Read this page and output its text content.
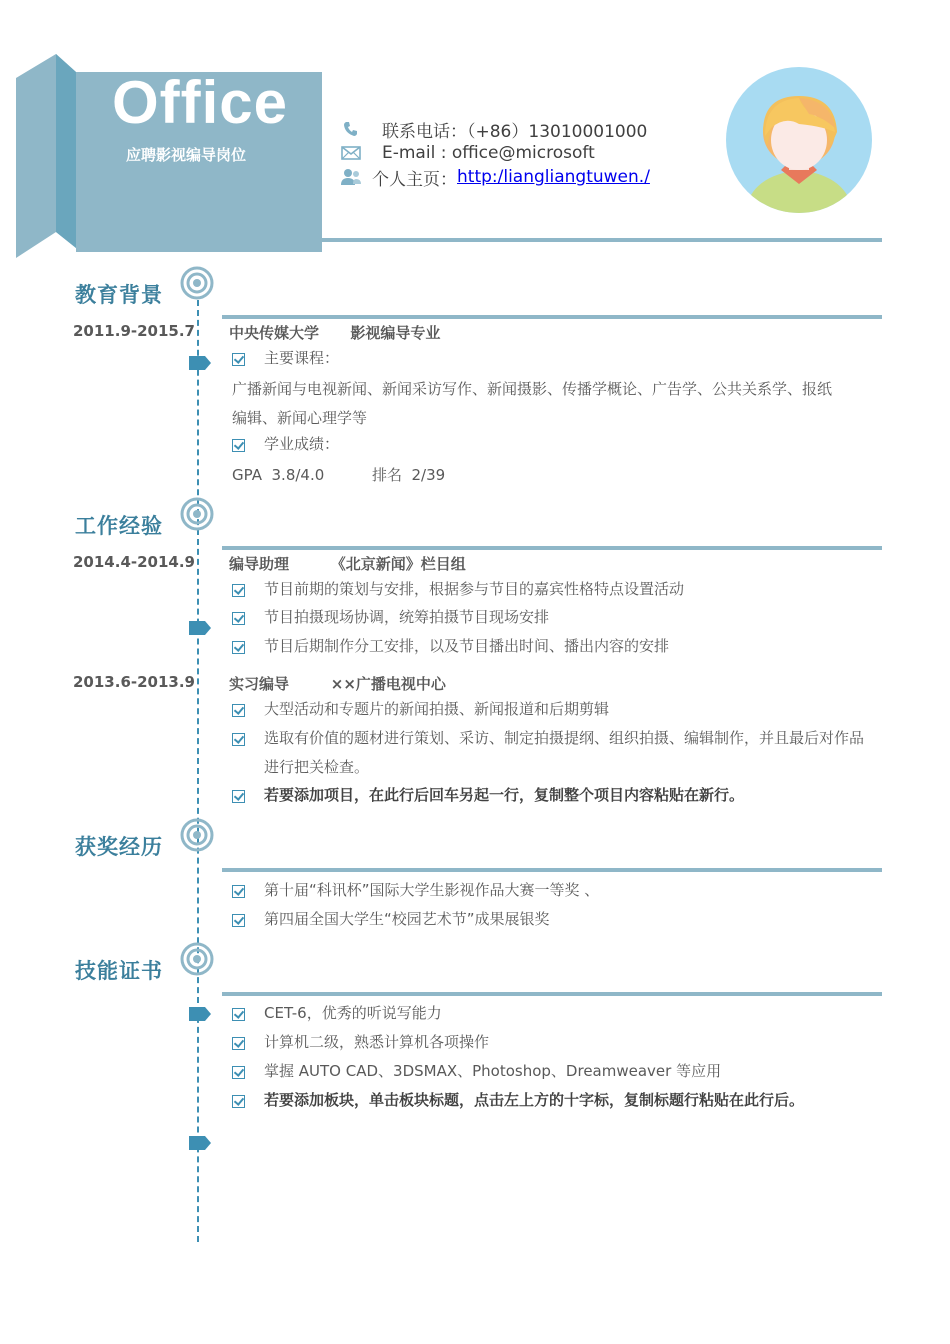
Office
应聘影视编导岗位
联系电话：（+86）13010001000
E-mail : office@microsoft
个人主页： http:/liangliangtuwen./
教育背景
2011.9-2015.7 中央传媒大学      影视编导专业
主要课程：
广播新闻与电视新闻、新闻采访写作、新闻摄影、传播学概论、广告学、公共关系学、报纸
编辑、新闻心理学等
学业成绩：
GPA  3.8/4.0          排名  2/39
工作经验
2014.4-2014.9 编导助理        《北京新闻》栏目组
节目前期的策划与安排，根据参与节目的嘉宾性格特点设置活动
节目拍摄现场协调，统筹拍摄节目现场安排
节目后期制作分工安排，以及节目播出时间、播出内容的安排
2013.6-2013.9 实习编导        ××广播电视中心
大型活动和专题片的新闻拍摄、新闻报道和后期剪辑
选取有价值的题材进行策划、采访、制定拍摄提纲、组织拍摄、编辑制作，并且最后对作品进行把关检查。
若要添加项目，在此行后回车另起一行，复制整个项目内容粘贴在新行。
获奖经历
第十届“科讯杯”国际大学生影视作品大赛一等奖 、
第四届全国大学生“校园艺术节”成果展银奖
技能证书
CET-6，优秀的听说写能力
计算机二级，熟悉计算机各项操作
掌握 AUTO CAD、3DSMAX、Photoshop、Dreamweaver 等应用
若要添加板块，单击板块标题，点击左上方的十字标，复制标题行粘贴在此行后。
